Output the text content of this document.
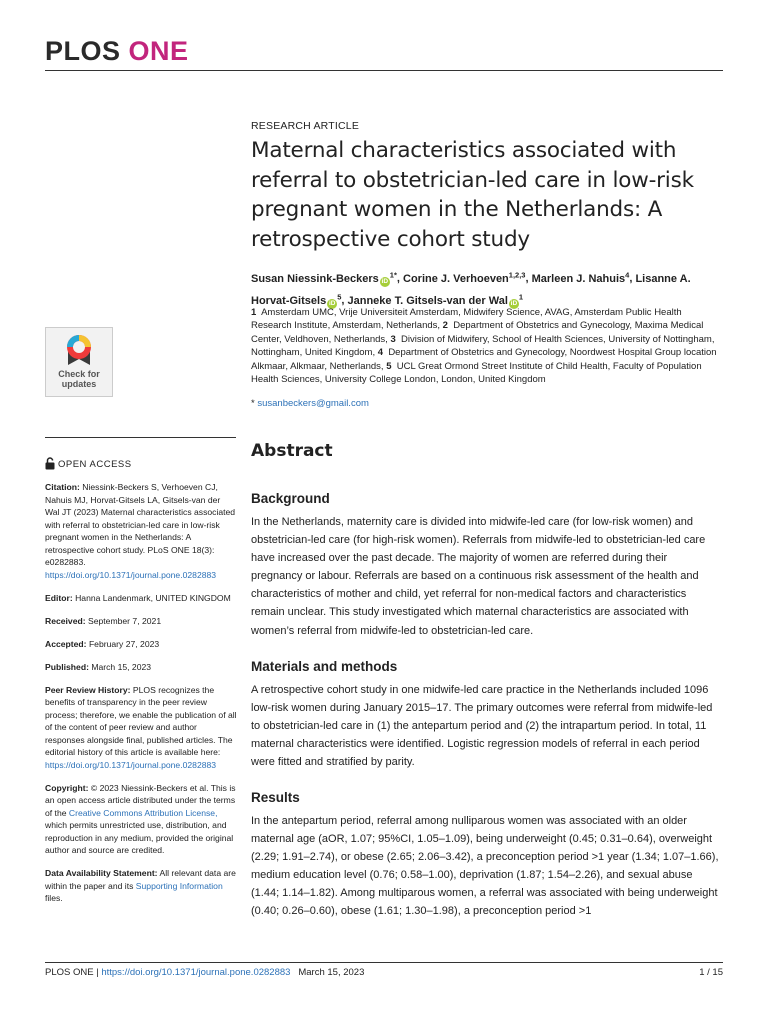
PLOS ONE
RESEARCH ARTICLE
Maternal characteristics associated with referral to obstetrician-led care in low-risk pregnant women in the Netherlands: A retrospective cohort study
Susan Niessink-Beckers $iD^{1*}$, Corine J. Verhoeven$^{1,2,3}$, Marleen J. Nahuis$^4$, Lisanne A. Horvat-Gitsels $iD^5$, Janneke T. Gitsels-van der Wal $iD^1$
1 Amsterdam UMC, Vrije Universiteit Amsterdam, Midwifery Science, AVAG, Amsterdam Public Health Research Institute, Amsterdam, Netherlands, 2 Department of Obstetrics and Gynecology, Maxima Medical Center, Veldhoven, Netherlands, 3 Division of Midwifery, School of Health Sciences, University of Nottingham, Nottingham, United Kingdom, 4 Department of Obstetrics and Gynecology, Noordwest Hospital Group location Alkmaar, Alkmaar, Netherlands, 5 UCL Great Ormond Street Institute of Child Health, Faculty of Population Health Sciences, University College London, London, United Kingdom
* susanbeckers@gmail.com
Check for
updates
OPEN ACCESS

Citation: Niessink-Beckers S, Verhoeven CJ, Nahuis MJ, Horvat-Gitsels LA, Gitsels-van der Wal JT (2023) Maternal characteristics associated with referral to obstetrician-led care in low-risk pregnant women in the Netherlands: A retrospective cohort study. PLoS ONE 18(3): e0282883. https://doi.org/10.1371/journal.pone.0282883

Editor: Hanna Landenmark, UNITED KINGDOM

Received: September 7, 2021

Accepted: February 27, 2023

Published: March 15, 2023

Peer Review History: PLOS recognizes the benefits of transparency in the peer review process; therefore, we enable the publication of all of the content of peer review and author responses alongside final, published articles. The editorial history of this article is available here: https://doi.org/10.1371/journal.pone.0282883

Copyright: © 2023 Niessink-Beckers et al. This is an open access article distributed under the terms of the Creative Commons Attribution License, which permits unrestricted use, distribution, and reproduction in any medium, provided the original author and source are credited.

Data Availability Statement: All relevant data are within the paper and its Supporting Information files.

Abstract
Background

In the Netherlands, maternity care is divided into midwife-led care (for low-risk women) and obstetrician-led care (for high-risk women). Referrals from midwife-led to obstetrician-led care have increased over the past decade. The majority of women are referred during their pregnancy or labour. Referrals are based on a continuous risk assessment of the health and characteristics of mother and child, yet referral for non-medical factors and characteristics remain unclear. This study investigated which maternal characteristics are associated with women’s referral from midwife-led to obstetrician-led care.

Materials and methods

A retrospective cohort study in one midwife-led care practice in the Netherlands included 1096 low-risk women during January 2015–17. The primary outcomes were referral from midwife-led to obstetrician-led care in (1) the antepartum period and (2) the intrapartum period. In total, 11 maternal characteristics were identified. Logistic regression models of referral in each period were fitted and stratified by parity.

Results

In the antepartum period, referral among nulliparous women was associated with an older maternal age (aOR, 1.07; 95%CI, 1.05–1.09), being underweight (0.45; 0.31–0.64), overweight (2.29; 1.91–2.74), or obese (2.65; 2.06–3.42), a preconception period >1 year (1.34; 1.07–1.66), medium education level (0.76; 0.58–1.00), deprivation (1.87; 1.54–2.26), and sexual abuse (1.44; 1.14–1.82). Among multiparous women, a referral was associated with being underweight (0.40; 0.26–0.60), obese (1.61; 1.30–1.98), a preconception period >1

PLOS ONE | https://doi.org/10.1371/journal.pone.0282883 March 15, 2023	1 / 15
